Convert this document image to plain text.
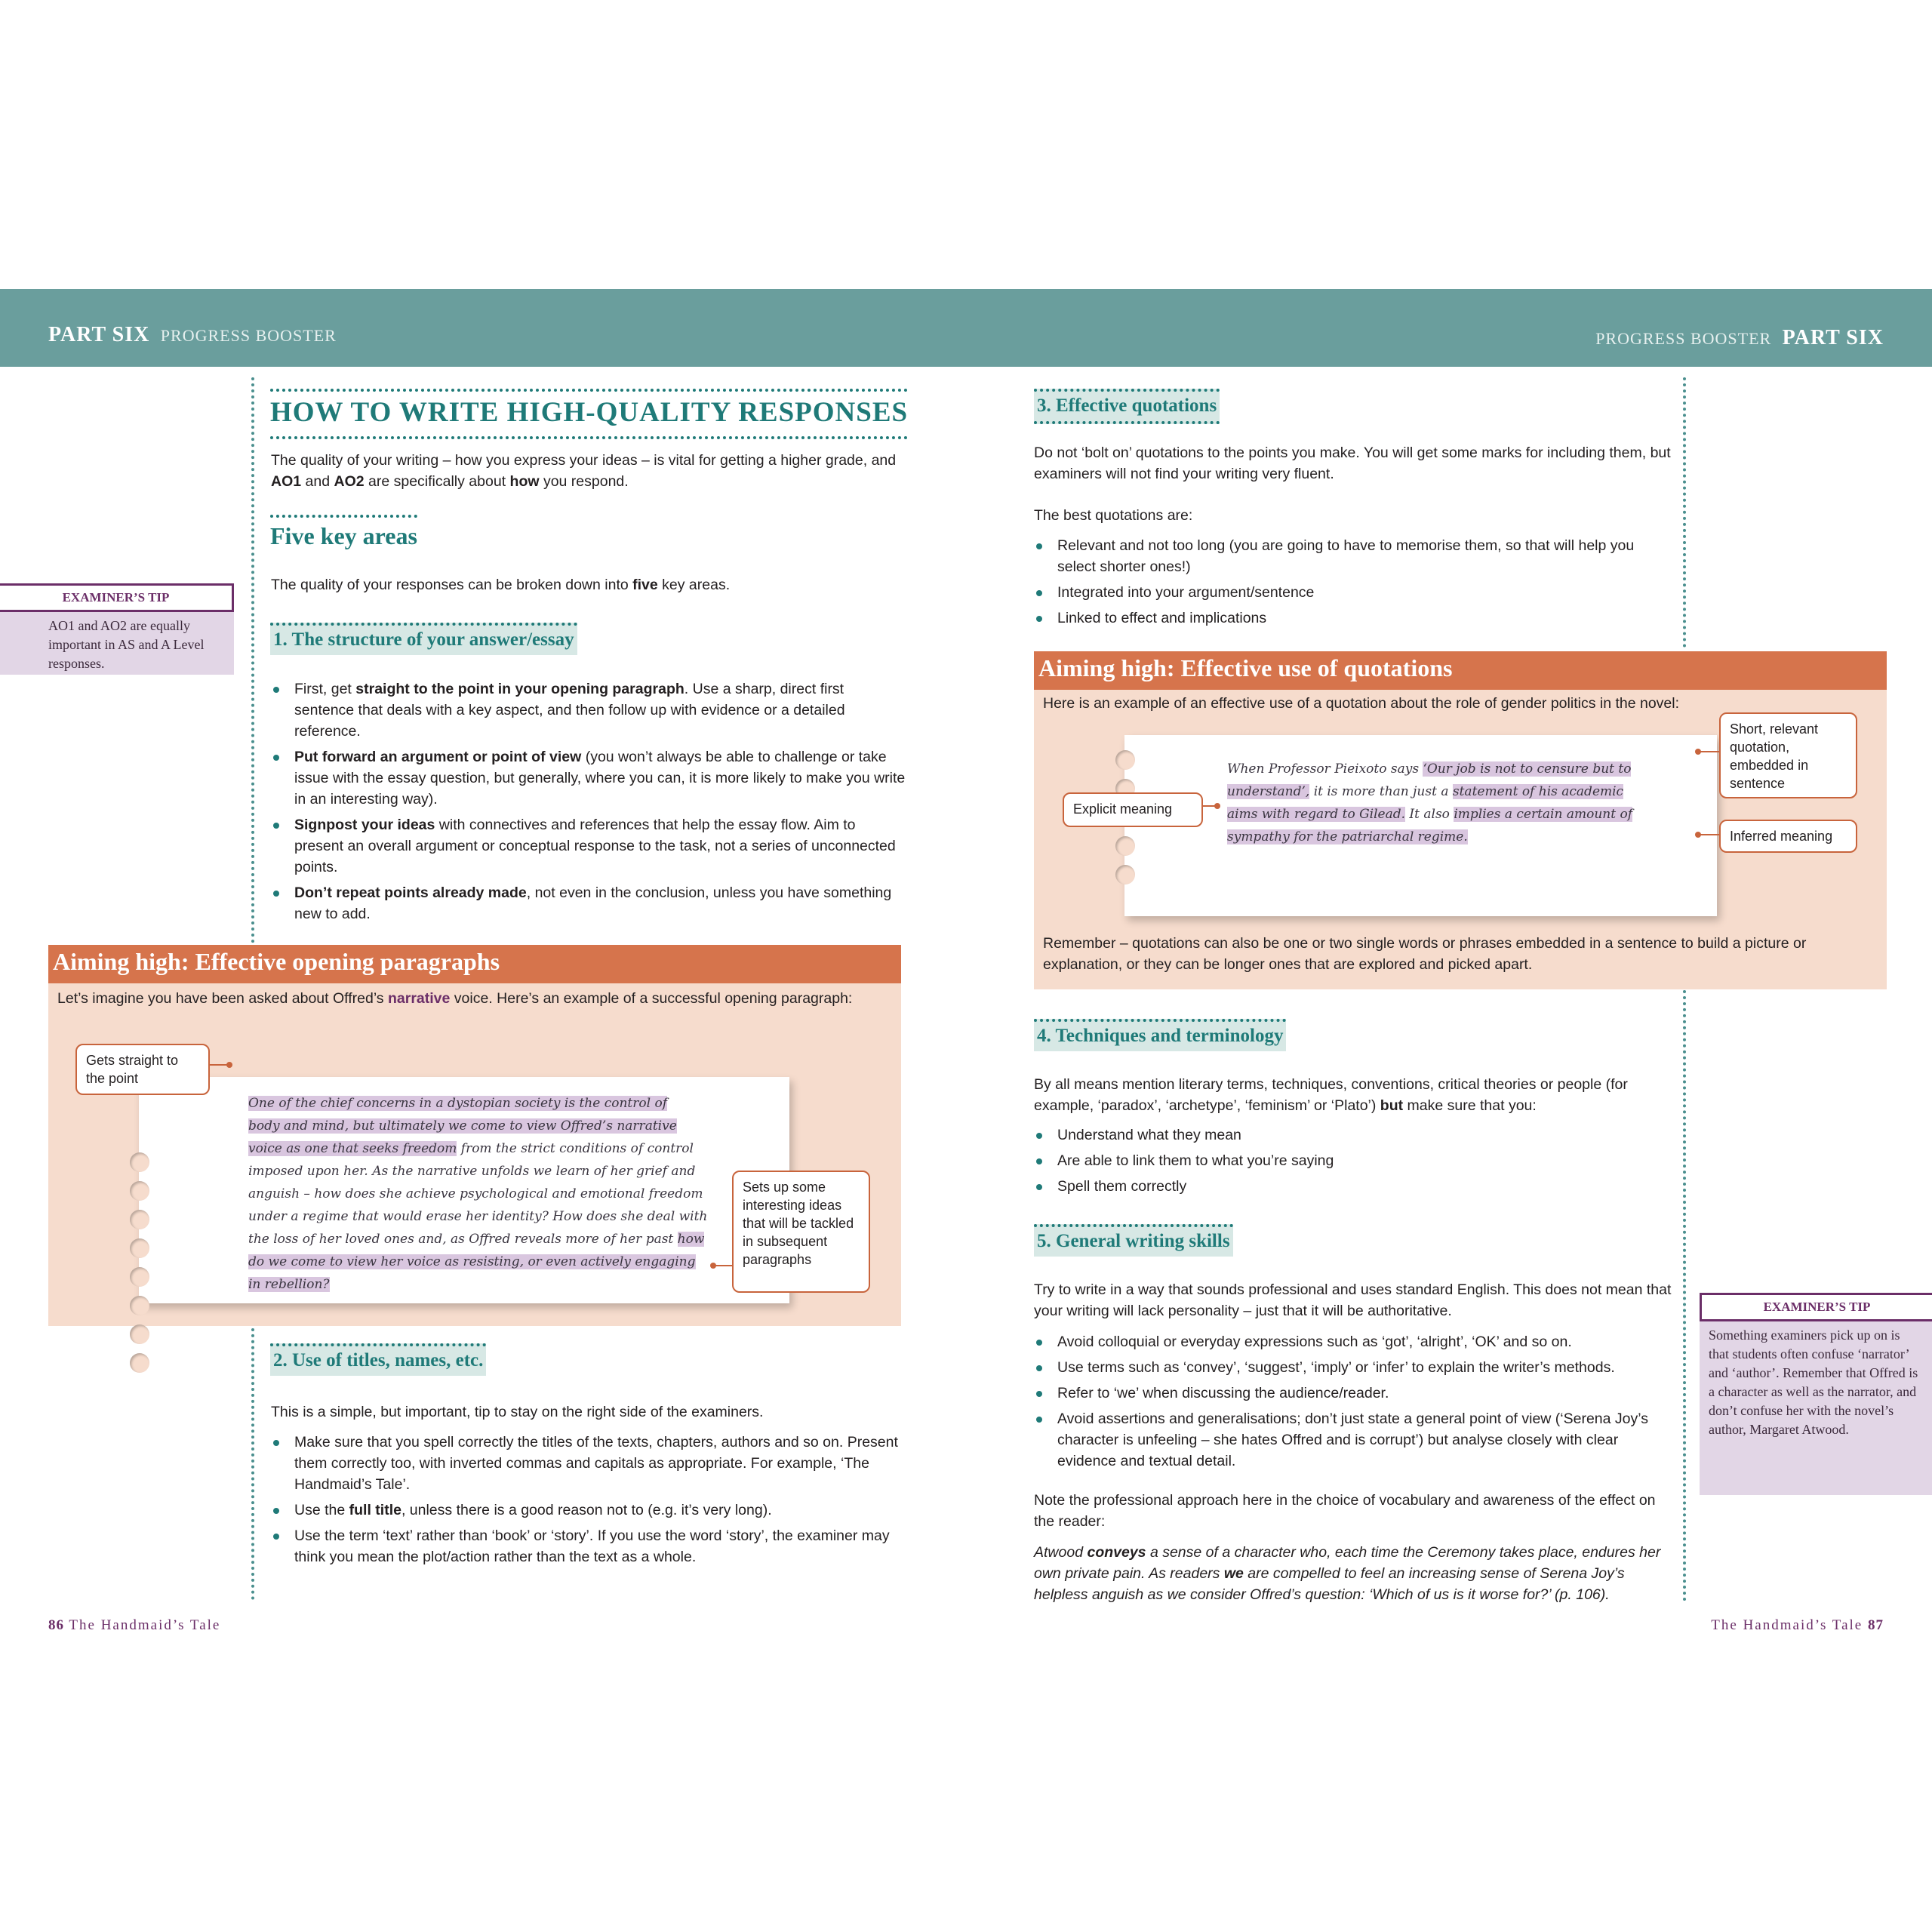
PART SIX PROGRESS BOOSTER	PROGRESS BOOSTER PART SIX
HOW TO WRITE HIGH-QUALITY RESPONSES
The quality of your writing – how you express your ideas – is vital for getting a higher grade, and AO1 and AO2 are specifically about how you respond.
Five key areas
The quality of your responses can be broken down into five key areas.
EXAMINER’S TIP
AO1 and AO2 are equally important in AS and A Level responses.
1. The structure of your answer/essay
First, get straight to the point in your opening paragraph. Use a sharp, direct first sentence that deals with a key aspect, and then follow up with evidence or a detailed reference.
Put forward an argument or point of view (you won’t always be able to challenge or take issue with the essay question, but generally, where you can, it is more likely to make you write in an interesting way).
Signpost your ideas with connectives and references that help the essay flow. Aim to present an overall argument or conceptual response to the task, not a series of unconnected points.
Don’t repeat points already made, not even in the conclusion, unless you have something new to add.
Aiming high: Effective opening paragraphs
Let’s imagine you have been asked about Offred’s narrative voice. Here’s an example of a successful opening paragraph:
One of the chief concerns in a dystopian society is the control of
body and mind, but ultimately we come to view Offred’s narrative
voice as one that seeks freedom from the strict conditions of control
imposed upon her. As the narrative unfolds we learn of her grief and
anguish – how does she achieve psychological and emotional freedom
under a regime that would erase her identity? How does she deal with
the loss of her loved ones and, as Offred reveals more of her past how
do we come to view her voice as resisting, or even actively engaging
in rebellion?
Gets straight to the point
Sets up some interesting ideas that will be tackled in subsequent paragraphs
2. Use of titles, names, etc.
This is a simple, but important, tip to stay on the right side of the examiners.
Make sure that you spell correctly the titles of the texts, chapters, authors and so on. Present them correctly too, with inverted commas and capitals as appropriate. For example, ‘The Handmaid’s Tale’.
Use the full title, unless there is a good reason not to (e.g. it’s very long).
Use the term ‘text’ rather than ‘book’ or ‘story’. If you use the word ‘story’, the examiner may think you mean the plot/action rather than the text as a whole.
86 The Handmaid’s Tale
3. Effective quotations
Do not ‘bolt on’ quotations to the points you make. You will get some marks for including them, but examiners will not find your writing very fluent.
The best quotations are:
Relevant and not too long (you are going to have to memorise them, so that will help you select shorter ones!)
Integrated into your argument/sentence
Linked to effect and implications
Aiming high: Effective use of quotations
Here is an example of an effective use of a quotation about the role of gender politics in the novel:
When Professor Pieixoto says ‘Our job is not to censure but to
understand’, it is more than just a statement of his academic
aims with regard to Gilead. It also implies a certain amount of
sympathy for the patriarchal regime.
Short, relevant quotation, embedded in sentence
Explicit meaning
Inferred meaning
Remember – quotations can also be one or two single words or phrases embedded in a sentence to build a picture or explanation, or they can be longer ones that are explored and picked apart.
4. Techniques and terminology
By all means mention literary terms, techniques, conventions, critical theories or people (for example, ‘paradox’, ‘archetype’, ‘feminism’ or ‘Plato’) but make sure that you:
Understand what they mean
Are able to link them to what you’re saying
Spell them correctly
5. General writing skills
Try to write in a way that sounds professional and uses standard English. This does not mean that your writing will lack personality – just that it will be authoritative.
Avoid colloquial or everyday expressions such as ‘got’, ‘alright’, ‘OK’ and so on.
Use terms such as ‘convey’, ‘suggest’, ‘imply’ or ‘infer’ to explain the writer’s methods.
Refer to ‘we’ when discussing the audience/reader.
Avoid assertions and generalisations; don’t just state a general point of view (‘Serena Joy’s character is unfeeling – she hates Offred and is corrupt’) but analyse closely with clear evidence and textual detail.
Note the professional approach here in the choice of vocabulary and awareness of the effect on the reader:
Atwood conveys a sense of a character who, each time the Ceremony takes place, endures her own private pain. As readers we are compelled to feel an increasing sense of Serena Joy’s helpless anguish as we consider Offred’s question: ‘Which of us is it worse for?’ (p. 106).
EXAMINER’S TIP
Something examiners pick up on is that students often confuse ‘narrator’ and ‘author’. Remember that Offred is a character as well as the narrator, and don’t confuse her with the novel’s author, Margaret Atwood.
The Handmaid’s Tale 87
